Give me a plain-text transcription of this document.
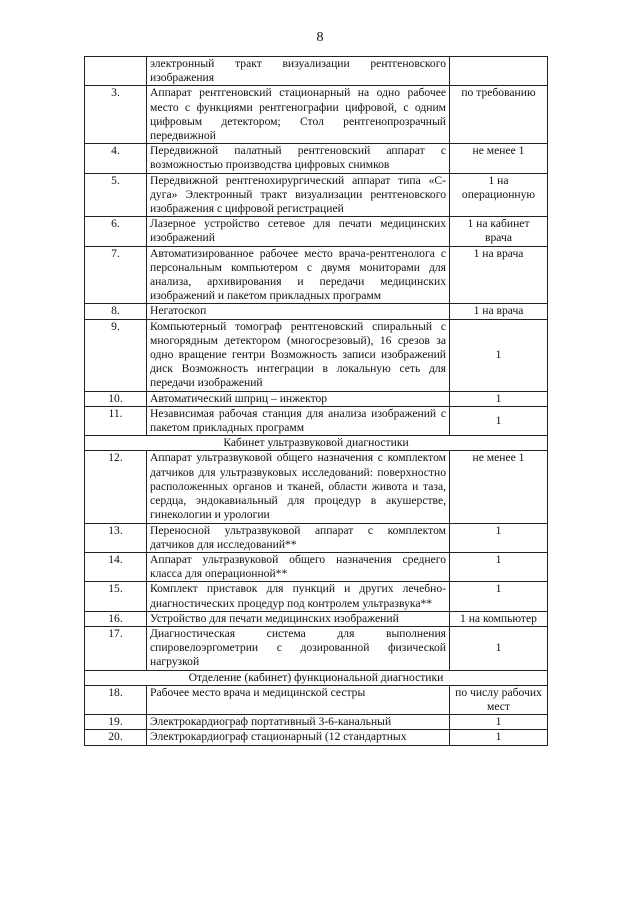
8
	электронный тракт визуализации рентгеновского изображения	
3.	Аппарат рентгеновский стационарный на одно рабочее место с функциями рентгенографии цифровой, с одним цифровым детектором; Стол рентгенопрозрачный передвижной	по требованию
4.	Передвижной палатный рентгеновский аппарат с возможностью производства цифровых снимков	не менее 1
5.	Передвижной рентгенохирургический аппарат типа «С-дуга» Электронный тракт визуализации рентгеновского изображения с цифровой регистрацией	1 на операционную
6.	Лазерное устройство сетевое для печати медицинских изображений	1 на кабинет врача
7.	Автоматизированное рабочее место врача-рентгенолога с персональным компьютером с двумя мониторами для анализа, архивирования и передачи медицинских изображений и пакетом прикладных программ	1 на врача
8.	Негатоскоп	1 на врача
9.	Компьютерный томограф рентгеновский спиральный с многорядным детектором (многосрезовый), 16 срезов за одно вращение гентри Возможность записи изображений диск Возможность интеграции в локальную сеть для передачи изображений	1
10.	Автоматический шприц – инжектор	1
11.	Независимая рабочая станция для анализа изображений с пакетом прикладных программ	1
Кабинет ультразвуковой диагностики		
12.	Аппарат ультразвуковой общего назначения с комплектом датчиков для ультразвуковых исследований: поверхностно расположенных органов и тканей, области живота и таза, сердца, эндокавиальный для процедур в акушерстве, гинекологии и урологии	не менее 1
13.	Переносной ультразвуковой аппарат с комплектом датчиков для исследований**	1
14.	Аппарат ультразвуковой общего назначения среднего класса для операционной**	1
15.	Комплект приставок для пункций и других лечебно-диагностических процедур под контролем ультразвука**	1
16.	Устройство для печати медицинских изображений	1 на компьютер
17.	Диагностическая система для выполнения спировелоэргометрии с дозированной физической нагрузкой	1
Отделение (кабинет) функциональной диагностики		
18.	Рабочее место врача и медицинской сестры	по числу рабочих мест
19.	Электрокардиограф портативный 3-6-канальный	1
20.	Электрокардиограф стационарный (12 стандартных	1
